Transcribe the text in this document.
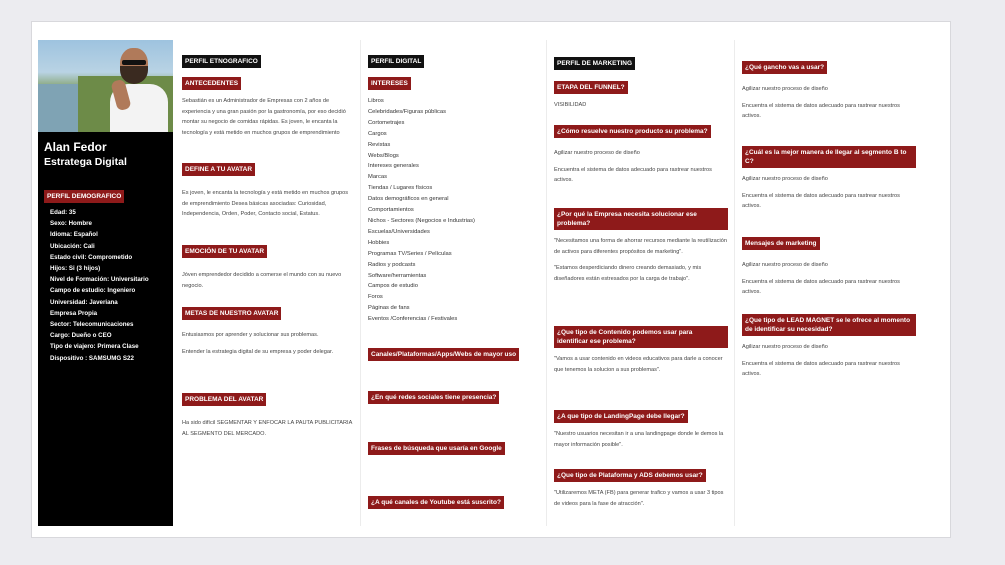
Alan Fedor
Estratega Digital
PERFIL DEMOGRAFICO
Edad: 35
Sexo: Hombre
Idioma: Español
Ubicación: Cali
Estado civil: Comprometido
Hijos: Si (3 hijos)
Nivel de Formación: Universitario
Campo de estudio: Ingeniero
Universidad: Javeriana
Empresa Propia
Sector: Telecomunicaciones
Cargo: Dueño o CEO
Tipo de viajero: Primera Clase
Dispositivo : SAMSUMG S22
PERFIL ETNOGRAFICO
ANTECEDENTES
Sebastián es un Administrador de Empresas con 2 años de experiencia y una gran pasión por la gastronomía, por eso decidió montar su negocio de comidas rápidas. Es joven, le encanta la tecnología y está metido en muchos grupos de emprendimiento
DEFINE A TU AVATAR
Es joven, le encanta la tecnología y está metido en muchos grupos de emprendimiento Desea básicas asociadas: Curiosidad, Independencia, Orden, Poder, Contacto social, Estatus.
EMOCIÓN DE TU AVATAR
Jóven emprendedor decidido a comerse el mundo con su nuevo negocio.
METAS DE NUESTRO AVATAR

Entusiasmos por aprender y solucionar sus problemas.

Entender la estrategia digital de su empresa y poder delegar.

PROBLEMA DEL AVATAR
Ha sido difícil SEGMENTAR Y ENFOCAR LA PAUTA PUBLICITARIA AL SEGMENTO DEL MERCADO.
PERFIL DIGITAL
INTERESES
Libros
Celebridades/Figuras públicas
Cortometrajes
Cargos
Revistas
Webs/Blogs
Intereses generales
Marcas
Tiendas / Lugares físicos
Datos demográficos en general
Comportamientos
Nichos - Sectores (Negocios e Industrias)
Escuelas/Universidades
Hobbies
Programas TV/Series / Películas
Radios y podcasts
Software/herramientas
Campos de estudio
Foros
Páginas de fans
Eventos /Conferencias / Festivales
Canales/Plataformas/Apps/Webs de mayor uso
¿En qué redes sociales tiene presencia?
Frases de búsqueda que usaría en Google
¿A qué canales de Youtube está suscrito?
PERFIL DE MARKETING
ETAPA DEL FUNNEL?
VISIBILIDAD
¿Cómo resuelve nuestro producto su problema?

Agilizar nuestro proceso de diseño

Encuentra el sistema de datos adecuado para rastrear nuestros activos.

¿Por qué la Empresa necesita solucionar ese problema?

"Necesitamos una forma de ahorrar recursos mediante la reutilización de activos para diferentes propósitos de marketing".

"Estamos desperdiciando dinero creando demasiado, y mis diseñadores están estresados por la carga de trabajo".

¿Que tipo de Contenido podemos usar para identificar ese problema?
"Vamos a usar contenido en videos educativos para darle a conocer que tenemos la solucion a sus problemas".
¿A que tipo de LandingPage debe llegar?
"Nuestro usuarios necesitan ir a una landingpage donde le demos la mayor información posible".
¿Que tipo de Plataforma y ADS debemos usar?
"Utilizaremos META (FB) para generar trafico y vamos a usar 3 tipos de videos para la fase de atracción".
¿Qué gancho vas a usar?

Agilizar nuestro proceso de diseño

Encuentra el sistema de datos adecuado para rastrear nuestros activos.

¿Cuál es la mejor manera de llegar al segmento B to C?

Agilizar nuestro proceso de diseño

Encuentra el sistema de datos adecuado para rastrear nuestros activos.

Mensajes de marketing

Agilizar nuestro proceso de diseño

Encuentra el sistema de datos adecuado para rastrear nuestros activos.

¿Que tipo de LEAD MAGNET se le ofrece al momento de identificar su necesidad?

Agilizar nuestro proceso de diseño

Encuentra el sistema de datos adecuado para rastrear nuestros activos.
